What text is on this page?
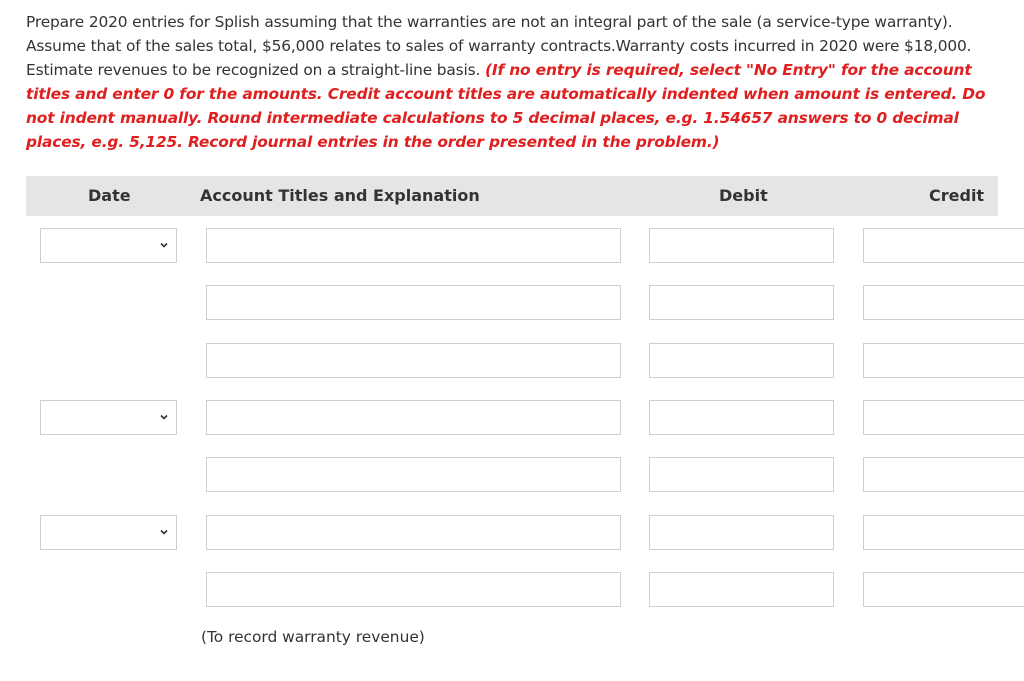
Prepare 2020 entries for Splish assuming that the warranties are not an integral part of the sale (a service-type warranty). Assume that of the sales total, $56,000 relates to sales of warranty contracts.Warranty costs incurred in 2020 were $18,000. Estimate revenues to be recognized on a straight-line basis. (If no entry is required, select "No Entry" for the account titles and enter 0 for the amounts. Credit account titles are automatically indented when amount is entered. Do not indent manually. Round intermediate calculations to 5 decimal places, e.g. 1.54657 answers to 0 decimal places, e.g. 5,125. Record journal entries in the order presented in the problem.)
Date	Account Titles and Explanation	Debit	Credit
(To record warranty revenue)
